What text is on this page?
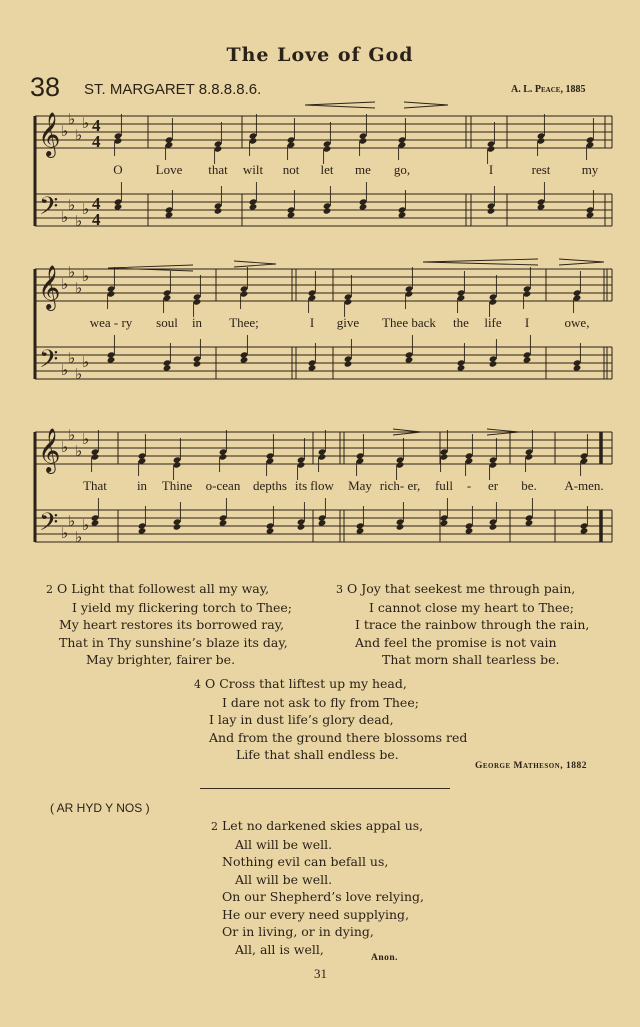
The Love of God
38 ST. MARGARET 8.8.8.8.6.	A. L. Peace, 1885
𝄞
𝄢
♭
♭
♭
♭
♭
♭
♭
♭
4
4
4
4
O	Love that wilt not let me go,	I	rest my
𝄞
𝄢
♭
♭
♭
♭
♭
♭
♭
♭
wea - ry soul in Thee;	I give Thee back the life I	owe,
𝄞
𝄢
♭
♭
♭
♭
♭
♭
♭
♭
That in Thine o-cean depths its flow May rich- er, full - er be. A-men.
2 O Light that followest all my way,
I yield my flickering torch to Thee;
My heart restores its borrowed ray,
That in Thy sunshine’s blaze its day,
May brighter, fairer be.
3 O Joy that seekest me through pain,
I cannot close my heart to Thee;
I trace the rainbow through the rain,
And feel the promise is not vain
That morn shall tearless be.
4 O Cross that liftest up my head,
I dare not ask to fly from Thee;
I lay in dust life’s glory dead,
And from the ground there blossoms red
Life that shall endless be.
George Matheson, 1882
( AR HYD Y NOS )
2 Let no darkened skies appal us,
All will be well.
Nothing evil can befall us,
All will be well.
On our Shepherd’s love relying,
He our every need supplying,
Or in living, or in dying,
All, all is well,
Anon.
31
